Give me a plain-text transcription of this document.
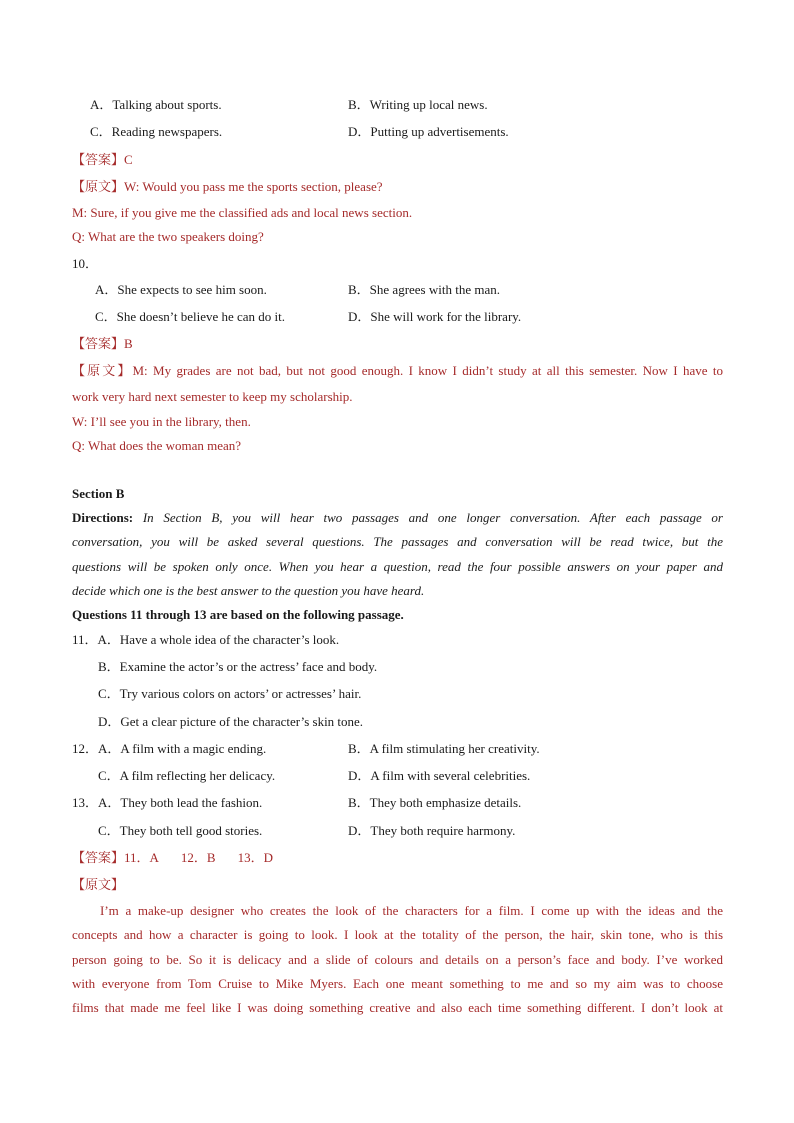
A．Talking about sports.	B．Writing up local news.
C．Reading newspapers.	D．Putting up advertisements.
【答案】C
【原文】W: Would you pass me the sports section, please?
M: Sure, if you give me the classified ads and local news section.
Q: What are the two speakers doing?
10．
A．She expects to see him soon.	B．She agrees with the man.
C．She doesn’t believe he can do it.	D．She will work for the library.
【答案】B
【原文】M: My grades are not bad, but not good enough. I know I didn’t study at all this semester. Now I have to
work very hard next semester to keep my scholarship.
W: I’ll see you in the library, then.
Q: What does the woman mean?
Section B
Directions: In Section B, you will hear two passages and one longer conversation. After each passage or
conversation, you will be asked several questions. The passages and conversation will be read twice, but the
questions will be spoken only once. When you hear a question, read the four possible answers on your paper and
decide which one is the best answer to the question you have heard.
Questions 11 through 13 are based on the following passage.
11．A．Have a whole idea of the character’s look.
B．Examine the actor’s or the actress’ face and body.
C．Try various colors on actors’ or actresses’ hair.
D．Get a clear picture of the character’s skin tone.
12．A．A film with a magic ending.	B．A film stimulating her creativity.
C．A film reflecting her delicacy.	D．A film with several celebrities.
13．A．They both lead the fashion.	B．They both emphasize details.
C．They both tell good stories.	D．They both require harmony.
【答案】11．A 12．B 13．D
【原文】
I’m a make-up designer who creates the look of the characters for a film. I come up with the ideas and the
concepts and how a character is going to look. I look at the totality of the person, the hair, skin tone, who is this
person going to be. So it is delicacy and a slide of colours and details on a person’s face and body. I’ve worked
with everyone from Tom Cruise to Mike Myers. Each one meant something to me and so my aim was to choose
films that made me feel like I was doing something creative and also each time something different. I don’t look at
